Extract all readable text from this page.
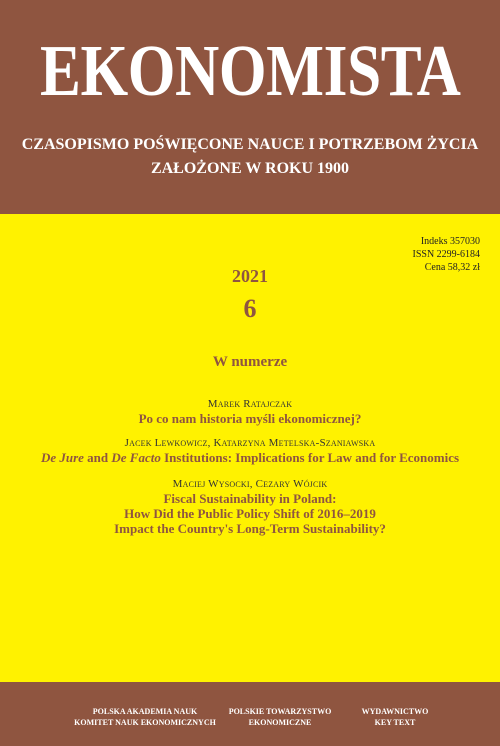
EKONOMISTA
CZASOPISMO POŚWIĘCONE NAUCE I POTRZEBOM ŻYCIA
ZAŁOŻONE W ROKU 1900
Indeks 357030
ISSN 2299-6184
Cena 58,32 zł
2021
6
W numerze
Marek Ratajczak
Po co nam historia myśli ekonomicznej?
Jacek Lewkowicz, Katarzyna Metelska-Szaniawska
De Jure and De Facto Institutions: Implications for Law and for Economics
Maciej Wysocki, Cezary Wójcik
Fiscal Sustainability in Poland:
How Did the Public Policy Shift of 2016–2019
Impact the Country's Long-Term Sustainability?
POLSKA AKADEMIA NAUK
KOMITET NAUK EKONOMICZNYCH
POLSKIE TOWARZYSTWO
EKONOMICZNE
WYDAWNICTWO
KEY TEXT
